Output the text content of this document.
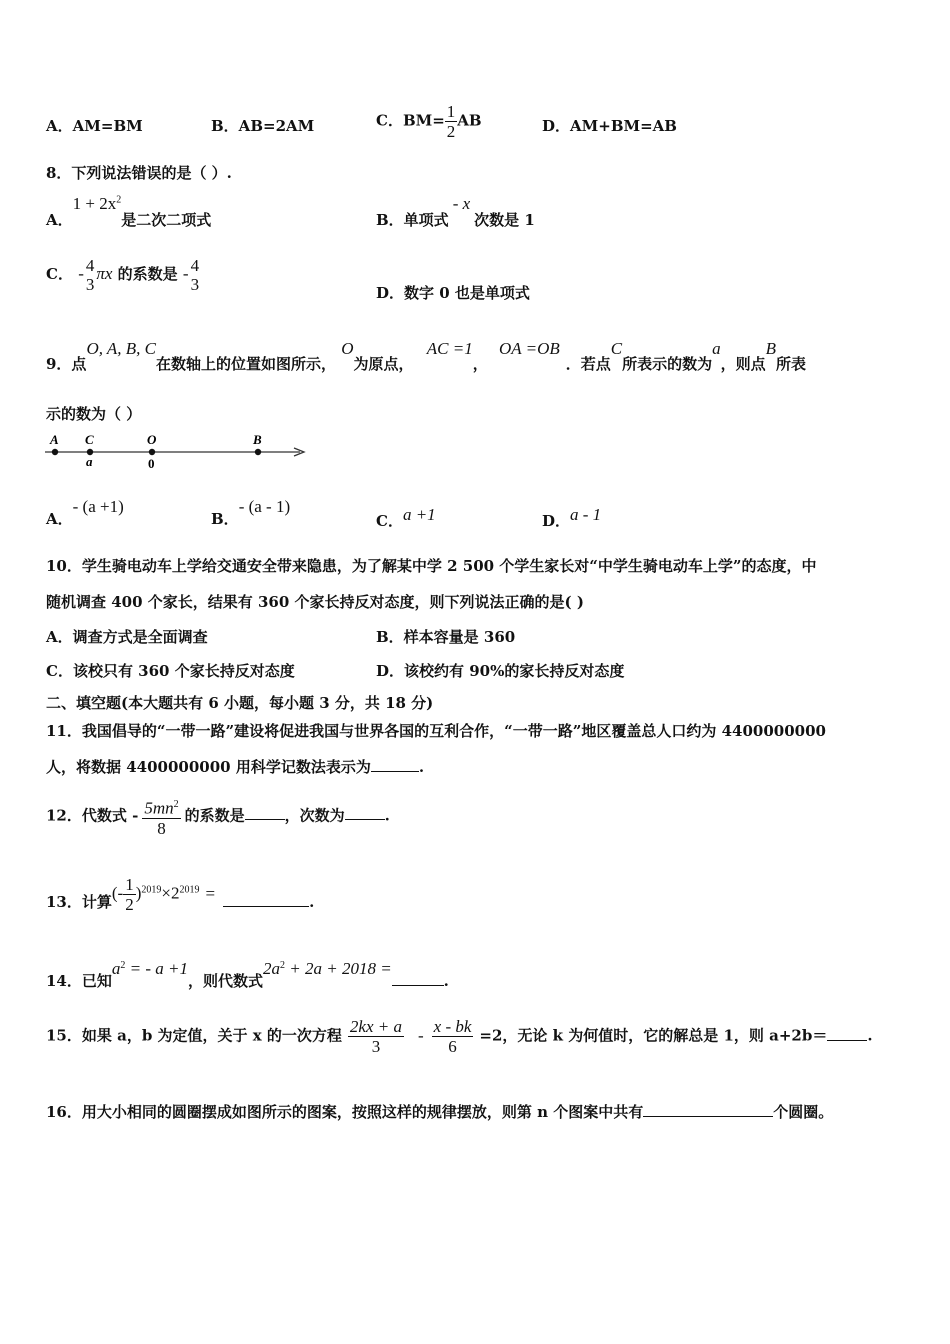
A．AM=BM	B．AB=2AM	C．$BM= \frac{1}{2}$ AB	D．AM+BM=AB
8．下列说法错误的是（ ）.
A．$1 + 2x^2$是二次二项式	B．单项式- x次数是 1
C． - 4
3
πx 的系数是 - 4
3	D．数字 0 也是单项式
9．点O, A, B, C在数轴上的位置如图所示， O为原点， AC =1， OA =OB．若点C所表示的数为a，则点B所表
示的数为（ ）
A C	O	B
a	0
A．- (a +1)
B．- (a - 1)
C．a +1	D．a - 1
10．学生骑电动车上学给交通安全带来隐患，为了解某中学 2 500 个学生家长对“中学生骑电动车上学”的态度，中
随机调查 400 个家长，结果有 360 个家长持反对态度，则下列说法正确的是( )
A．调查方式是全面调查	B．样本容量是 360
C．该校只有 360 个家长持反对态度	D．该校约有 90%的家长持反对态度
二、填空题(本大题共有 6 小题，每小题 3 分，共 18 分)
11．我国倡导的“一带一路”建设将促进我国与世界各国的互利合作，“一带一路”地区覆盖总人口约为 4400000000
人，将数据 4400000000 用科学记数法表示为	.
12．代数式 - $\frac{5mn^2}{8}$ 的系数是	，次数为	.
13．计算(- $\frac{1}{2} )^{2019}\times 2^{2019}$ =	.
14．已知$a^2$ = - a +1，则代数式$2a^2 + 2a + 2018$ =.
15．如果 a，b 为定值，关于 x 的一次方程 $\frac{2kx + a}{3} - \frac{x - bk}{6} =2$，无论 k 为何值时，它的解总是 1，则 a+2b＝	.
16．用大小相同的圆圈摆成如图所示的图案，按照这样的规律摆放，则第 n 个图案中共有	个圆圈。
